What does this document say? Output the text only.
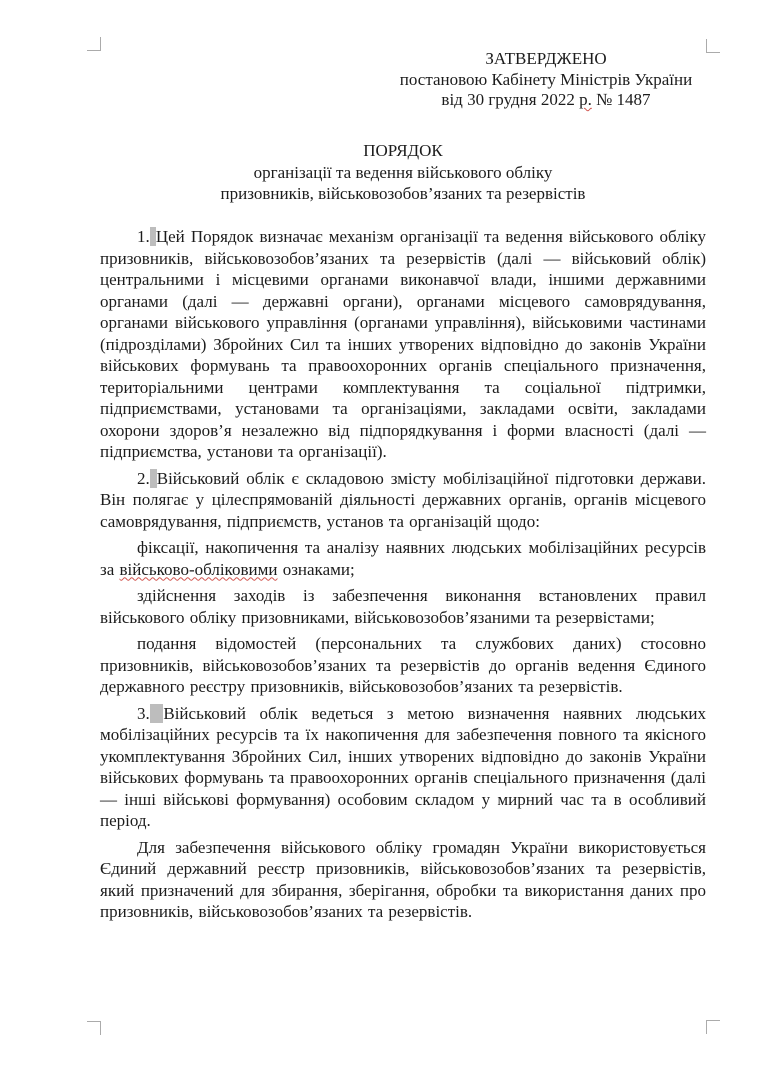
ЗАТВЕРДЖЕНО
постановою Кабінету Міністрів України
від 30 грудня 2022 р. № 1487
ПОРЯДОК
організації та ведення військового обліку
призовників, військовозобов’язаних та резервістів

1. Цей Порядок визначає механізм організації та ведення військового обліку призовників, військовозобов’язаних та резервістів (далі — військовий облік) центральними і місцевими органами виконавчої влади, іншими державними органами (далі — державні органи), органами місцевого самоврядування, органами військового управління (органами управління), військовими частинами (підрозділами) Збройних Сил та інших утворених відповідно до законів України військових формувань та правоохоронних органів спеціального призначення, територіальними центрами комплектування та соціальної підтримки, підприємствами, установами та організаціями, закладами освіти, закладами охорони здоров’я незалежно від підпорядкування і форми власності (далі — підприємства, установи та організації).

2. Військовий облік є складовою змісту мобілізаційної підготовки держави. Він полягає у цілеспрямованій діяльності державних органів, органів місцевого самоврядування, підприємств, установ та організацій щодо:

фіксації, накопичення та аналізу наявних людських мобілізаційних ресурсів за військово-обліковими ознаками;

здійснення заходів із забезпечення виконання встановлених правил військового обліку призовниками, військовозобов’язаними та резервістами;

подання відомостей (персональних та службових даних) стосовно призовників, військовозобов’язаних та резервістів до органів ведення Єдиного державного реєстру призовників, військовозобов’язаних та резервістів.

3. Військовий облік ведеться з метою визначення наявних людських мобілізаційних ресурсів та їх накопичення для забезпечення повного та якісного укомплектування Збройних Сил, інших утворених відповідно до законів України військових формувань та правоохоронних органів спеціального призначення (далі — інші військові формування) особовим складом у мирний час та в особливий період.

Для забезпечення військового обліку громадян України використовується Єдиний державний реєстр призовників, військовозобов’язаних та резервістів, який призначений для збирання, зберігання, обробки та використання даних про призовників, військовозобов’язаних та резервістів.
